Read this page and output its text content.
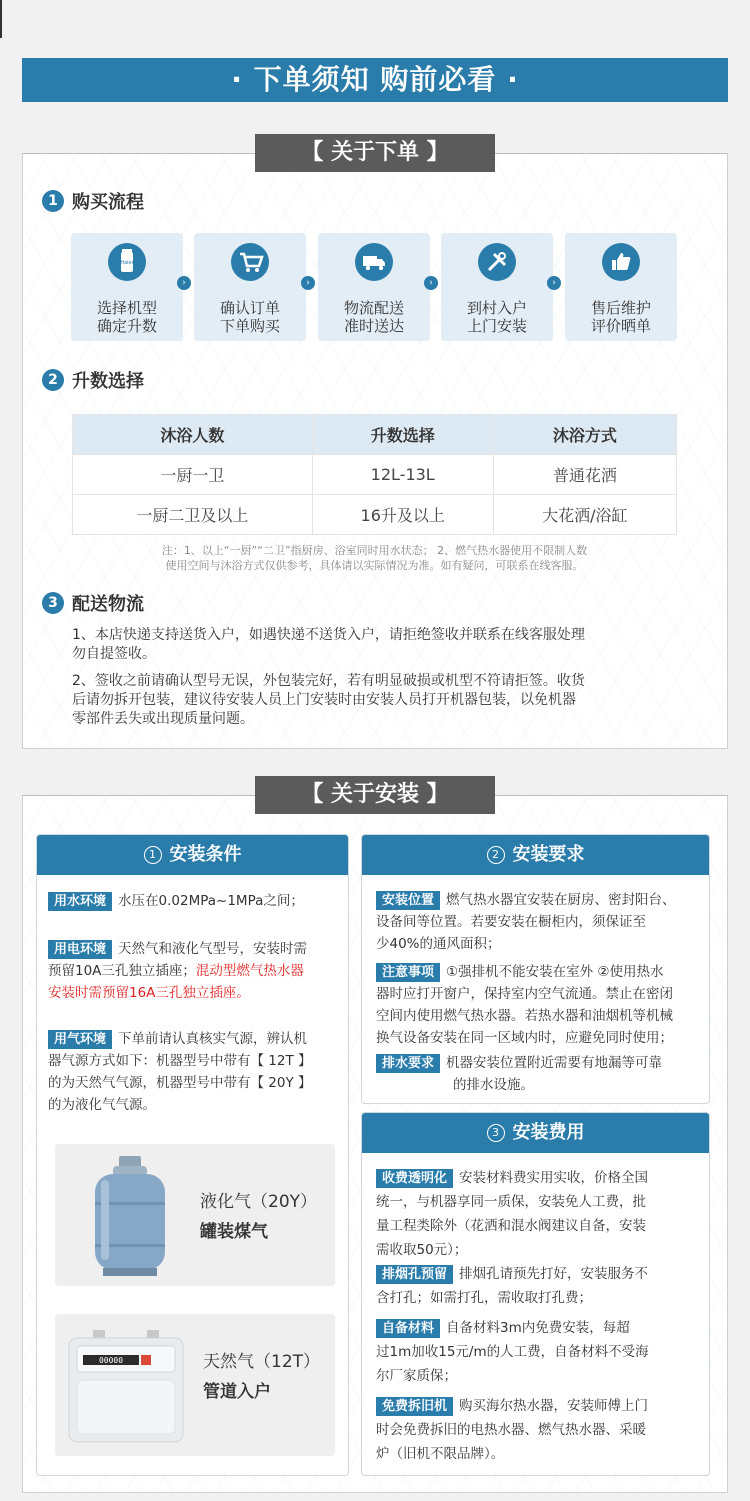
· 下单须知 购前必看 ·
【 关于下单 】
1 购买流程
Haier
选择机型
确定升数
›
确认订单
下单购买
›
物流配送
准时送达
›
到村入户
上门安装
›
售后维护
评价晒单
2 升数选择
沐浴人数	升数选择	沐浴方式
一厨一卫	12L-13L	普通花洒
一厨二卫及以上	16升及以上	大花洒/浴缸
注：1、以上“一厨”“二卫”指厨房、浴室同时用水状态； 2、燃气热水器使用不限制人数
使用空间与沐浴方式仅供参考，具体请以实际情况为准。如有疑问，可联系在线客服。
3 配送物流
1、本店快递支持送货入户，如遇快递不送货入户，请拒绝签收并联系在线客服处理
勿自提签收。
2、签收之前请确认型号无误，外包装完好，若有明显破损或机型不符请拒签。收货
后请勿拆开包装，建议待安装人员上门安装时由安装人员打开机器包装，以免机器
零部件丢失或出现质量问题。
【 关于安装 】
1 安装条件
用水环境 水压在0.02MPa~1MPa之间；
用电环境 天然气和液化气型号，安装时需
预留10A三孔独立插座；混动型燃气热水器
安装时需预留16A三孔独立插座。
用气环境 下单前请认真核实气源，辨认机
器气源方式如下：机器型号中带有【 12T 】
的为天然气气源，机器型号中带有【 20Y 】
的为液化气气源。
液化气（20Y）
罐装煤气
00000	天然气（12T）
管道入户
2 安装要求
安装位置 燃气热水器宜安装在厨房、密封阳台、
设备间等位置。若要安装在橱柜内，须保证至
少40%的通风面积；
注意事项 ①强排机不能安装在室外 ②使用热水
器时应打开窗户，保持室内空气流通。禁止在密闭
空间内使用燃气热水器。若热水器和油烟机等机械
换气设备安装在同一区域内时，应避免同时使用；
排水要求 机器安装位置附近需要有地漏等可靠
的排水设施。
3 安装费用
收费透明化 安装材料费实用实收，价格全国
统一，与机器享同一质保，安装免人工费，批
量工程类除外（花洒和混水阀建议自备，安装
需收取50元）；
排烟孔预留 排烟孔请预先打好，安装服务不
含打孔；如需打孔，需收取打孔费；
自备材料 自备材料3m内免费安装，每超
过1m加收15元/m的人工费，自备材料不受海
尔厂家质保；
免费拆旧机 购买海尔热水器，安装师傅上门
时会免费拆旧的电热水器、燃气热水器、采暖
炉（旧机不限品牌）。
